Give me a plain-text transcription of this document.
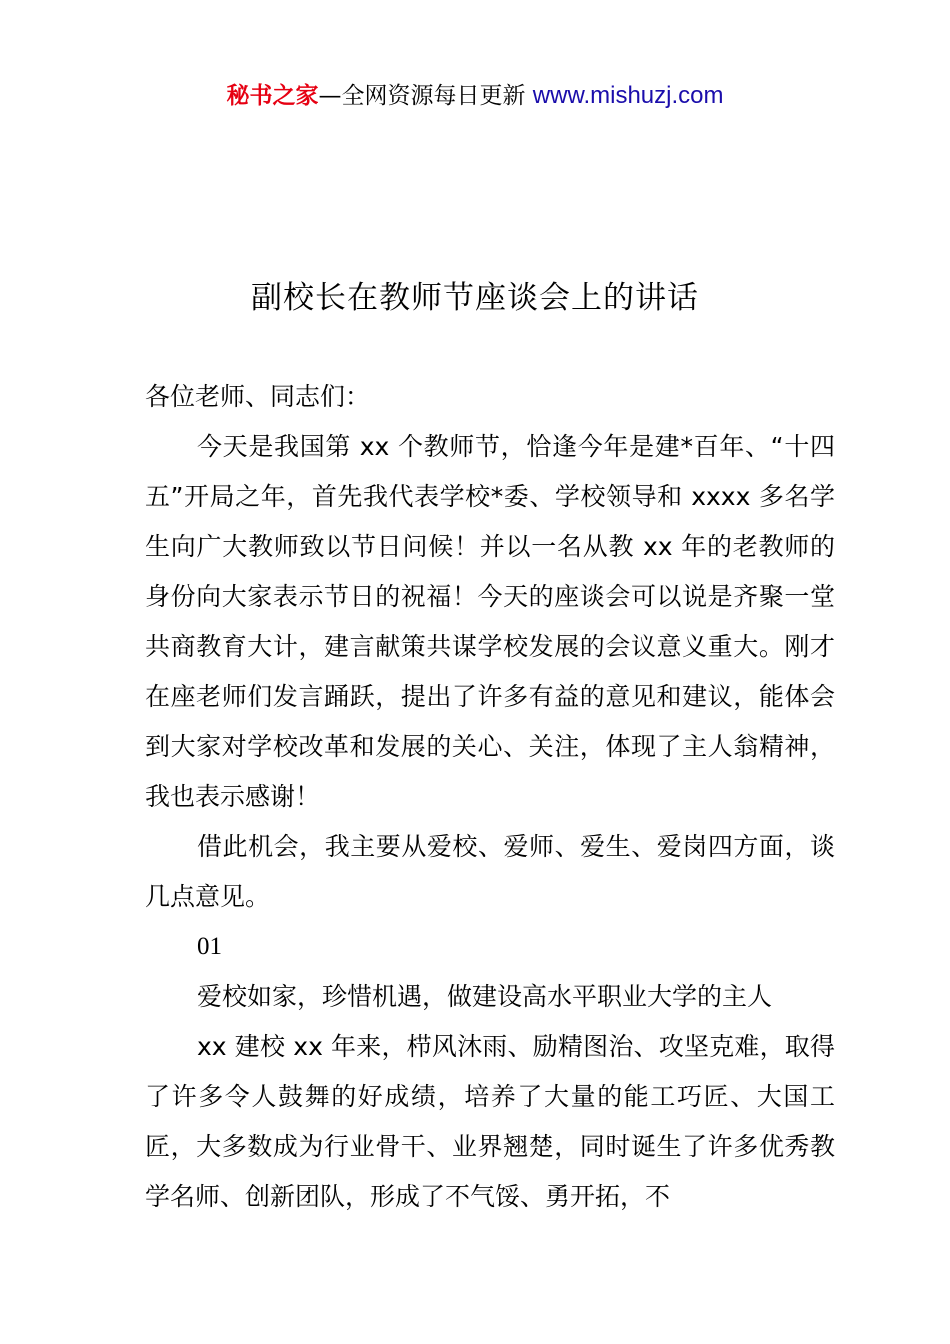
秘书之家—全网资源每日更新 www.mishuzj.com
副校长在教师节座谈会上的讲话

各位老师、同志们：

今天是我国第 xx 个教师节，恰逢今年是建*百年、“十四五”开局之年，首先我代表学校*委、学校领导和 xxxx 多名学生向广大教师致以节日问候！并以一名从教 xx 年的老教师的身份向大家表示节日的祝福！今天的座谈会可以说是齐聚一堂共商教育大计，建言献策共谋学校发展的会议意义重大。刚才在座老师们发言踊跃，提出了许多有益的意见和建议，能体会到大家对学校改革和发展的关心、关注，体现了主人翁精神，我也表示感谢！

借此机会，我主要从爱校、爱师、爱生、爱岗四方面，谈几点意见。

01

爱校如家，珍惜机遇，做建设高水平职业大学的主人

xx 建校 xx 年来，栉风沐雨、励精图治、攻坚克难，取得了许多令人鼓舞的好成绩，培养了大量的能工巧匠、大国工匠，大多数成为行业骨干、业界翘楚，同时诞生了许多优秀教学名师、创新团队，形成了不气馁、勇开拓，不
